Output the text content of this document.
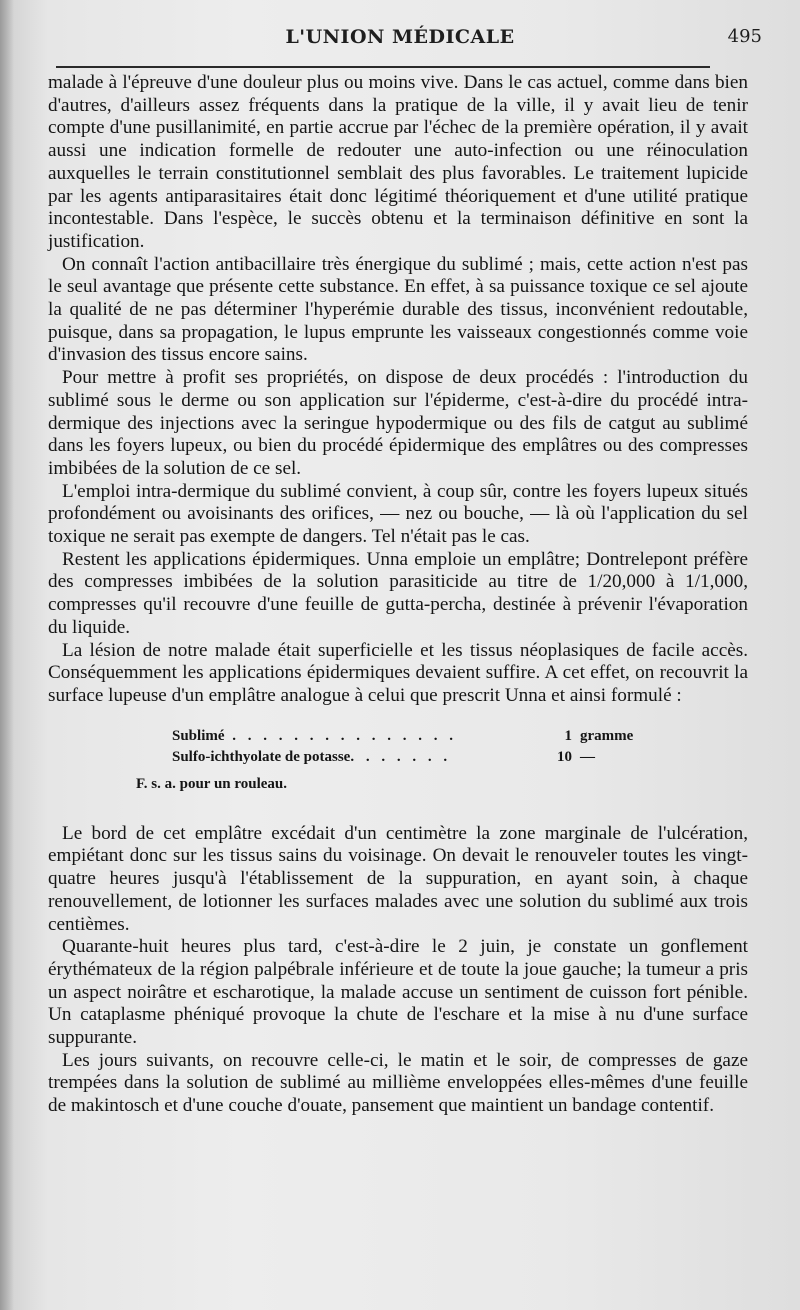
L'UNION MÉDICALE	495

malade à l'épreuve d'une douleur plus ou moins vive. Dans le cas actuel, comme dans bien d'autres, d'ailleurs assez fréquents dans la pratique de la ville, il y avait lieu de tenir compte d'une pusillanimité, en partie accrue par l'échec de la première opération, il y avait aussi une indication formelle de redouter une auto-infection ou une réinoculation auxquelles le terrain constitutionnel semblait des plus favorables. Le traitement lupicide par les agents antiparasitaires était donc légitimé théoriquement et d'une utilité pratique incontestable. Dans l'espèce, le succès obtenu et la terminaison définitive en sont la justification.

On connaît l'action antibacillaire très énergique du sublimé ; mais, cette action n'est pas le seul avantage que présente cette substance. En effet, à sa puissance toxique ce sel ajoute la qualité de ne pas déterminer l'hyperémie durable des tissus, inconvénient redoutable, puisque, dans sa propagation, le lupus emprunte les vaisseaux congestionnés comme voie d'invasion des tissus encore sains.

Pour mettre à profit ses propriétés, on dispose de deux procédés : l'introduction du sublimé sous le derme ou son application sur l'épiderme, c'est-à-dire du procédé intra-dermique des injections avec la seringue hypodermique ou des fils de catgut au sublimé dans les foyers lupeux, ou bien du procédé épidermique des emplâtres ou des compresses imbibées de la solution de ce sel.

L'emploi intra-dermique du sublimé convient, à coup sûr, contre les foyers lupeux situés profondément ou avoisinants des orifices, — nez ou bouche, — là où l'application du sel toxique ne serait pas exempte de dangers. Tel n'était pas le cas.

Restent les applications épidermiques. Unna emploie un emplâtre; Dontrelepont préfère des compresses imbibées de la solution parasiticide au titre de 1/20,000 à 1/1,000, compresses qu'il recouvre d'une feuille de gutta-percha, destinée à prévenir l'évaporation du liquide.

La lésion de notre malade était superficielle et les tissus néoplasiques de facile accès. Conséquemment les applications épidermiques devaient suffire. A cet effet, on recouvrit la surface lupeuse d'un emplâtre analogue à celui que prescrit Unna et ainsi formulé :

Sublimé . . . . . . . . . . . . . . .	1 gramme
Sulfo-ichthyolate de potasse. . . . . . .	10 —
F. s. a. pour un rouleau.

Le bord de cet emplâtre excédait d'un centimètre la zone marginale de l'ulcération, empiétant donc sur les tissus sains du voisinage. On devait le renouveler toutes les vingt-quatre heures jusqu'à l'établissement de la suppuration, en ayant soin, à chaque renouvellement, de lotionner les surfaces malades avec une solution du sublimé aux trois centièmes.

Quarante-huit heures plus tard, c'est-à-dire le 2 juin, je constate un gonflement érythémateux de la région palpébrale inférieure et de toute la joue gauche; la tumeur a pris un aspect noirâtre et escharotique, la malade accuse un sentiment de cuisson fort pénible. Un cataplasme phéniqué provoque la chute de l'eschare et la mise à nu d'une surface suppurante.

Les jours suivants, on recouvre celle-ci, le matin et le soir, de compresses de gaze trempées dans la solution de sublimé au millième enveloppées elles-mêmes d'une feuille de makintosch et d'une couche d'ouate, pansement que maintient un bandage contentif.
